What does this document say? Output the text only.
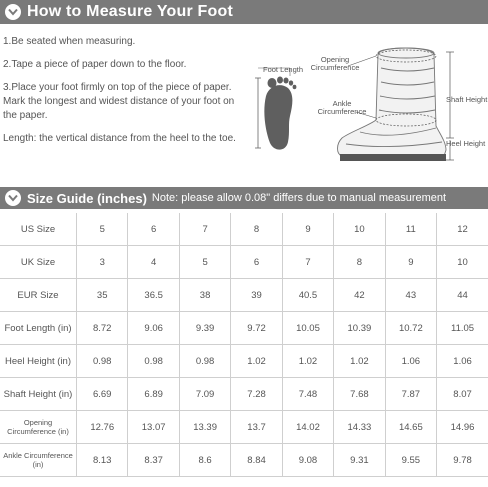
How to Measure Your Foot

1.Be seated when measuring.

2.Tape a piece of paper down to the floor.

3.Place your foot firmly on top of the piece of paper. Mark the longest and widest distance of your foot on the paper.

Length: the vertical distance from the heel to the toe.

Foot Length
Opening Circumference
Ankle Circumference
Shaft Height
Heel Height
Size Guide (inches) Note: please allow 0.08" differs due to manual measurement
US Size	5	6	7	8	9	10	11	12
UK Size	3	4	5	6	7	8	9	10
EUR Size	35	36.5	38	39	40.5	42	43	44
Foot Length (in)	8.72	9.06	9.39	9.72	10.05	10.39	10.72	11.05
Heel Height (in)	0.98	0.98	0.98	1.02	1.02	1.02	1.06	1.06
Shaft Height (in)	6.69	6.89	7.09	7.28	7.48	7.68	7.87	8.07
Opening Circumference (in)	12.76	13.07	13.39	13.7	14.02	14.33	14.65	14.96
Ankle Circumference (in)	8.13	8.37	8.6	8.84	9.08	9.31	9.55	9.78
